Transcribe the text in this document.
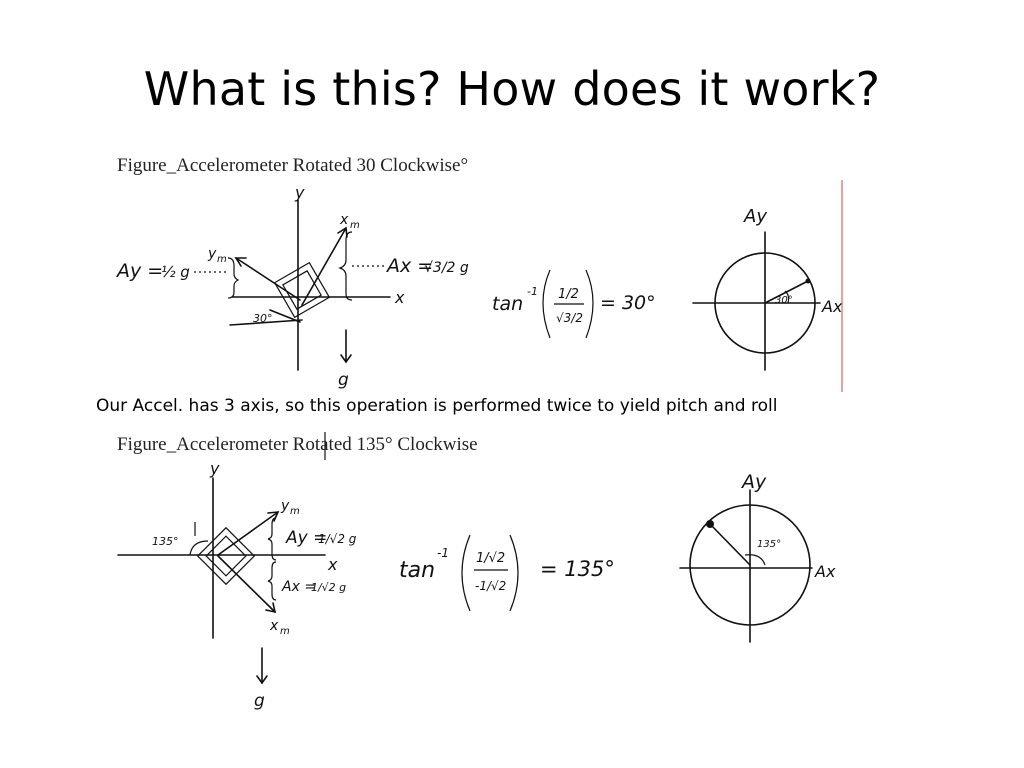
What is this? How does it work?
Figure_Accelerometer Rotated 30 Clockwise°
Our Accel. has 3 axis, so this operation is performed twice to yield pitch and roll
Figure_Accelerometer Rotated 135° Clockwise
y
x
x m
y m
Ay =
½ g	Ax =
√3/2 g
30°
g
tan
-1 1/2
√3/2
= 30°
Ay
Ax
30°
y
x
y m
x m
Ay =
1/√2 g
Ax =
-1/√2 g
135°
g
tan
-1 1/√2
-1/√2
= 135°
Ay
Ax
135°
